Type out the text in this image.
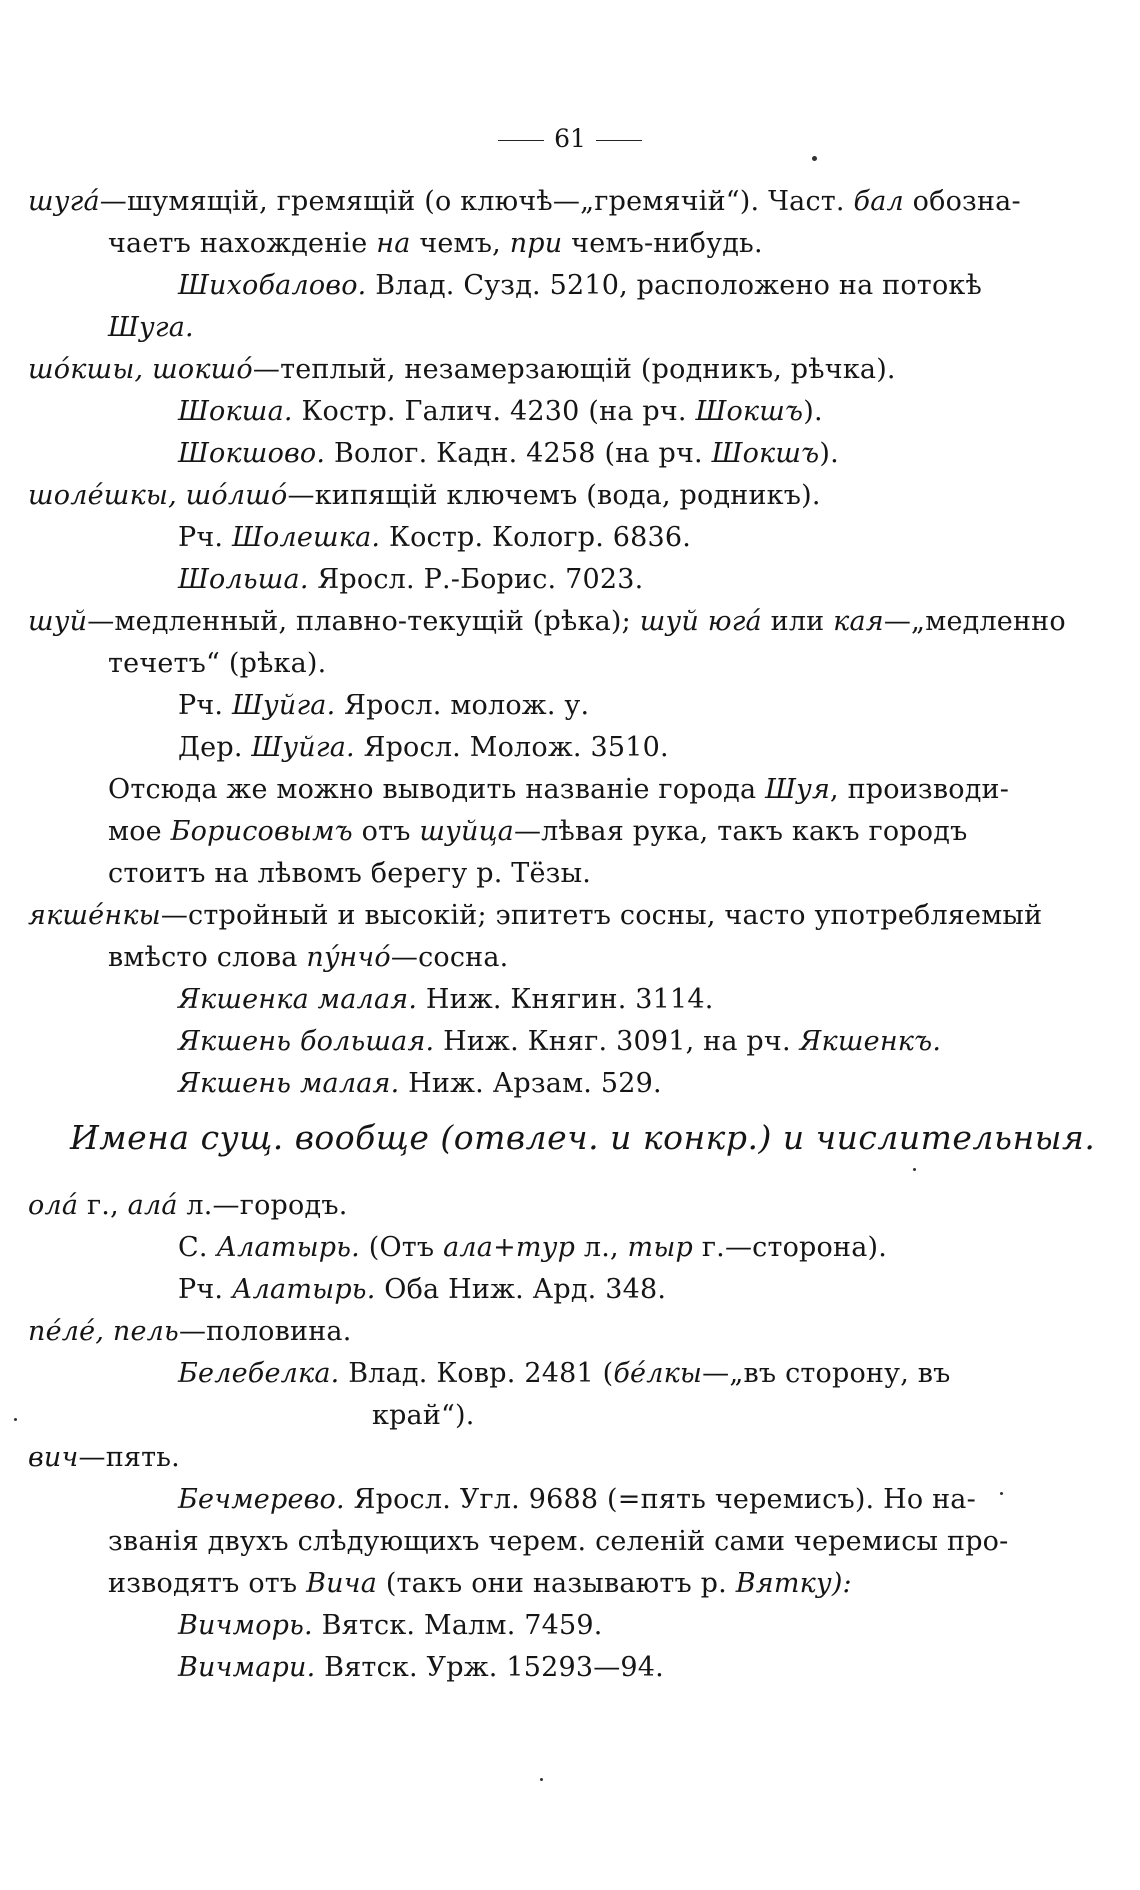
61
шугá—шумящій, гремящій (о ключѣ—„гремячій“). Част. бал обозна-
чаетъ нахожденіе на чемъ, при чемъ-нибудь.
Шихобалово. Влад. Сузд. 5210, расположено на потокѣ
Шуга.
шóкшы, шокшó—теплый, незамерзающій (родникъ, рѣчка).
Шокша. Костр. Галич. 4230 (на рч. Шокшъ).
Шокшово. Волог. Кадн. 4258 (на рч. Шокшъ).
шолéшкы, шóлшó—кипящій ключемъ (вода, родникъ).
Рч. Шолешка. Костр. Кологр. 6836.
Шольша. Яросл. Р.-Борис. 7023.
шуй—медленный, плавно-текущій (рѣка); шуй югá или кая—„медленно
течетъ“ (рѣка).
Рч. Шуйга. Яросл. молож. у.
Дер. Шуйга. Яросл. Молож. 3510.
Отсюда же можно выводить названіе города Шуя, производи-
мое Борисовымъ отъ шуйцa—лѣвая рука, такъ какъ городъ
стоитъ на лѣвомъ берегу р. Тёзы.
якшéнкы—стройный и высокій; эпитетъ сосны, часто употребляемый
вмѣсто слова пýнчó—сосна.
Якшенка малая. Ниж. Княгин. 3114.
Якшень большая. Ниж. Княг. 3091, на рч. Якшенкъ.
Якшень малая. Ниж. Арзам. 529.
Имена сущ. вообще (отвлеч. и конкр.) и числительныя.
олá г., алá л.—городъ.
С. Алатырь. (Отъ ала+тур л., тыр г.—сторона).
Рч. Алатырь. Оба Ниж. Ард. 348.
пéлé, пель—половина.
Белебелка. Влад. Ковр. 2481 (бéлкы—„въ сторону, въ
край“).
вич—пять.
Бечмерево. Яросл. Угл. 9688 (=пять черемисъ). Но на-
званія двухъ слѣдующихъ черем. селеній сами черемисы про-
изводятъ отъ Вича (такъ они называютъ р. Вятку):
Вичморь. Вятск. Малм. 7459.
Вичмари. Вятск. Урж. 15293—94.
